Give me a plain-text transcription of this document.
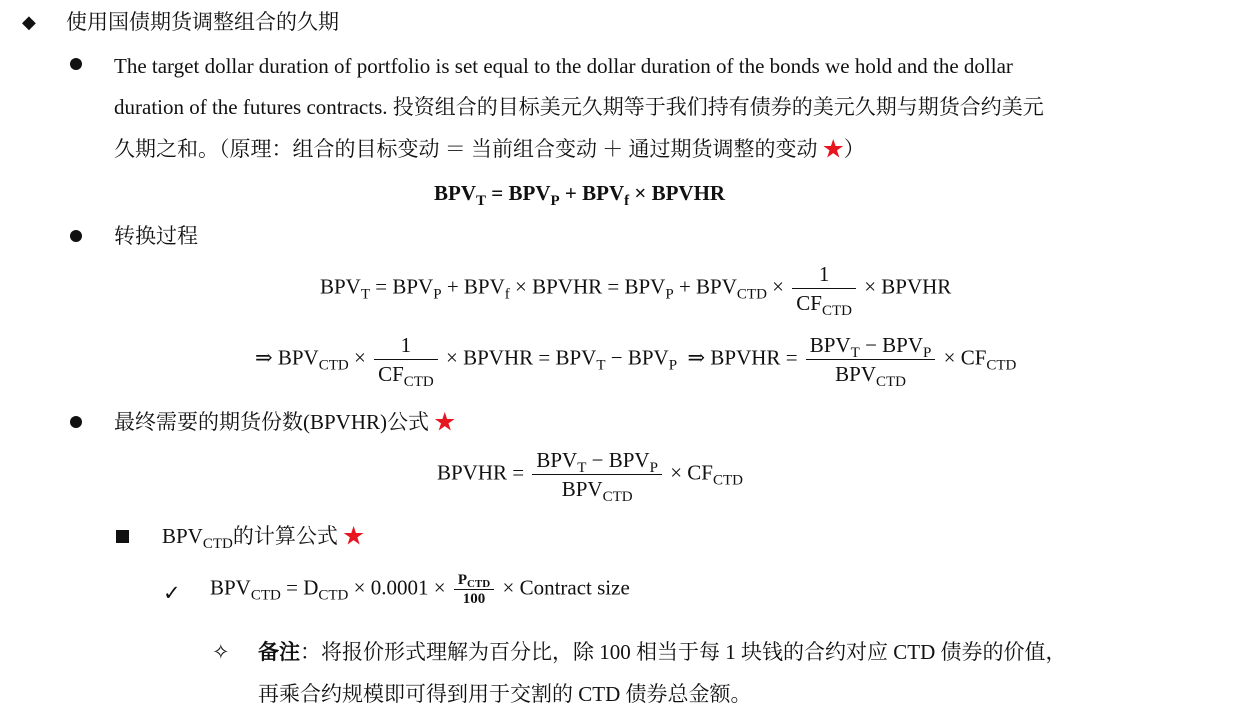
◆ 使用国债期货调整组合的久期
The target dollar duration of portfolio is set equal to the dollar duration of the bonds we hold and the dollar
duration of the futures contracts. 投资组合的目标美元久期等于我们持有债券的美元久期与期货合约美元
久期之和。（原理：组合的目标变动 ＝ 当前组合变动 ＋ 通过期货调整的变动 ★）
$BPV_T = BPV_P + BPV_f$ × BPVHR
转换过程
$BPV_T = BPV_P + BPV_f$ × BPVHR = $BPV_P + BPV_{CTD} \times \frac{1}{CF_{CTD}}$ × BPVHR
⇒ $BPV_{CTD} \times \frac{1}{CF_{CTD}}$ × BPVHR = $BPV_T - BPV_P$ ⇒ BPVHR = $\frac{BPV_T - BPV_P}{BPV_{CTD}} \times CF_{CTD}$
最终需要的期货份数(BPVHR)公式 ★
BPVHR = $\frac{BPV_T - BPV_P}{BPV_{CTD}} \times CF_{CTD}$
$BPV_{CTD}$的计算公式 ★
✓ $BPV_{CTD} = D_{CTD} \times 0.0001 \times \frac{P_{CTD}}{100}$ × Contract size
✧ 备注：将报价形式理解为百分比，除 100 相当于每 1 块钱的合约对应 CTD 债券的价值，
再乘合约规模即可得到用于交割的 CTD 债券总金额。
